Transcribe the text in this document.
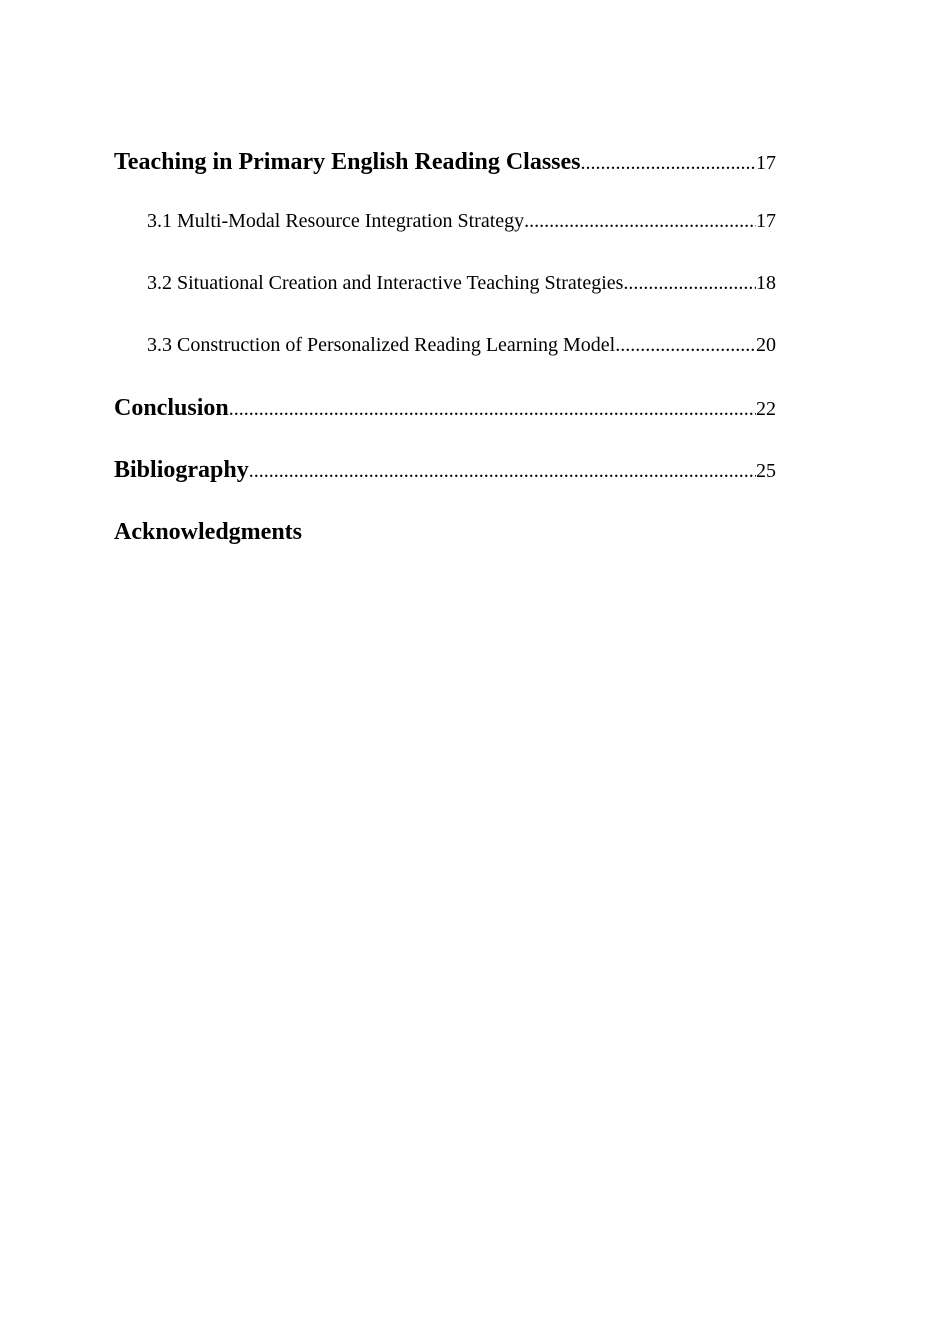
Teaching in Primary English Reading Classes .....	17
3.1 Multi-Modal Resource Integration Strategy .....	17
3.2 Situational Creation and Interactive Teaching Strategies .....	18
3.3 Construction of Personalized Reading Learning Model .....	20
Conclusion .....	22
Bibliography .....	25
Acknowledgments
